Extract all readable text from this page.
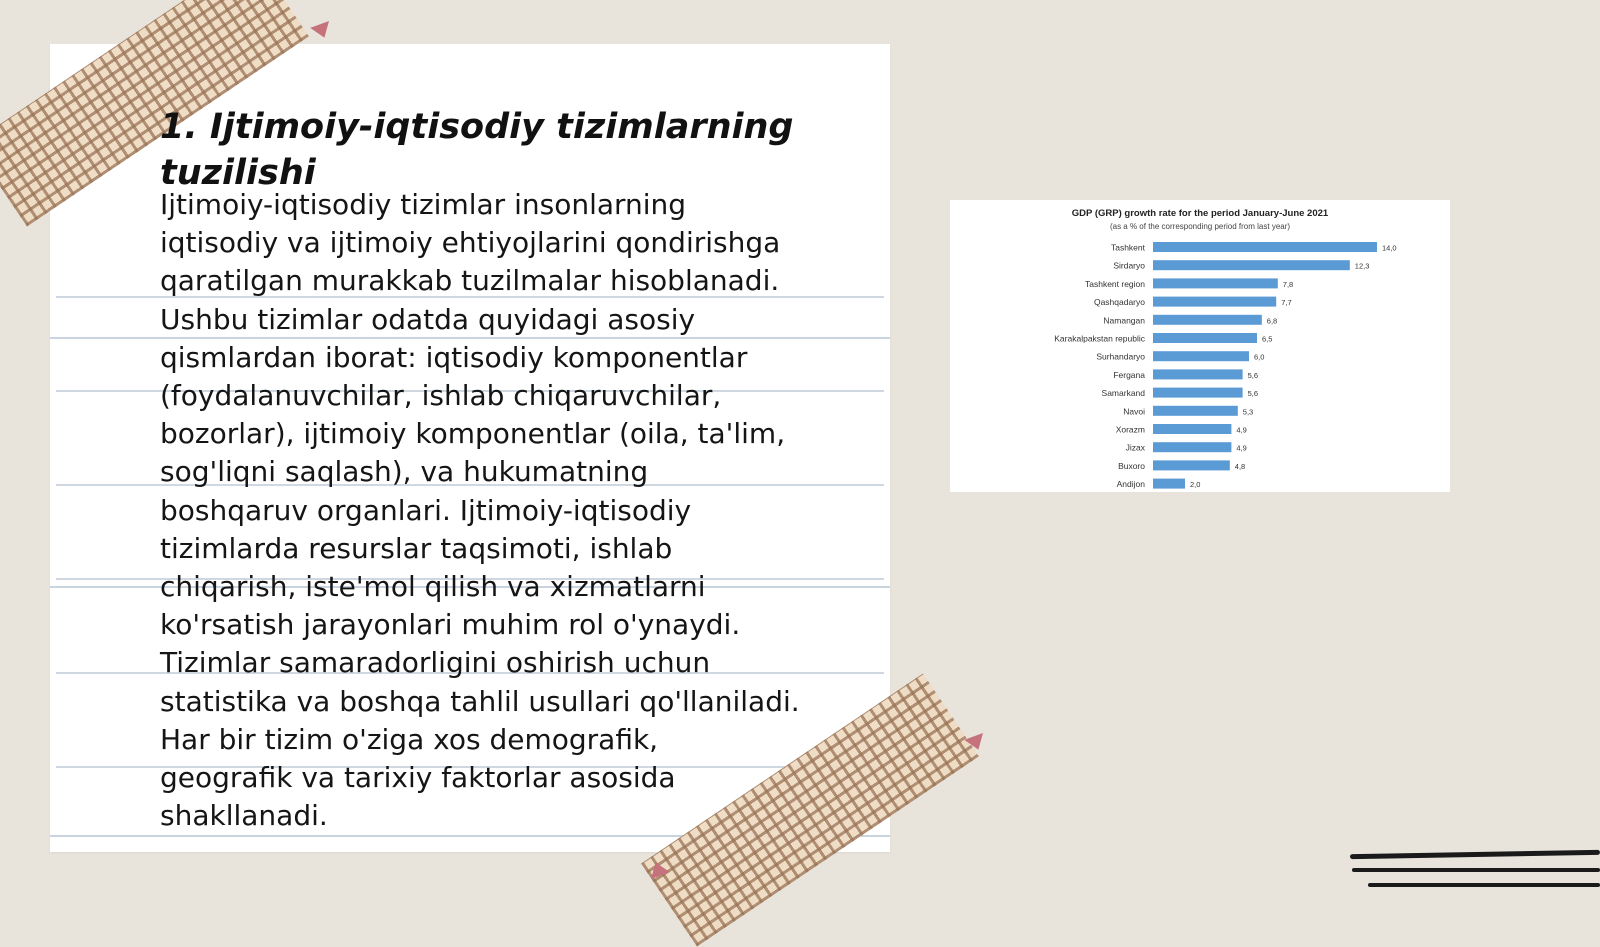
1. Ijtimoiy-iqtisodiy tizimlarning tuzilishi

Ijtimoiy-iqtisodiy tizimlar insonlarning
iqtisodiy va ijtimoiy ehtiyojlarini qondirishga
qaratilgan murakkab tuzilmalar hisoblanadi.
Ushbu tizimlar odatda quyidagi asosiy
qismlardan iborat: iqtisodiy komponentlar
(foydalanuvchilar, ishlab chiqaruvchilar,
bozorlar), ijtimoiy komponentlar (oila, ta'lim,
sog'liqni saqlash), va hukumatning
boshqaruv organlari. Ijtimoiy-iqtisodiy
tizimlarda resurslar taqsimoti, ishlab
chiqarish, iste'mol qilish va xizmatlarni
ko'rsatish jarayonlari muhim rol o'ynaydi.
Tizimlar samaradorligini oshirish uchun
statistika va boshqa tahlil usullari qo'llaniladi.
Har bir tizim o'ziga xos demografik,
geografik va tarixiy faktorlar asosida
shakllanadi.

Tashkent	14,0
Sirdaryo	12,3
Tashkent region	7,8
Qashqadaryo	7,7
Namangan	6,8
Karakalpakstan republic	6,5
Surhandaryo	6,0
Fergana	5,6
Samarkand	5,6
Navoi	5,3
Xorazm	4,9
Jizax	4,9
Buxoro	4,8
Andijon	2,0
GDP (GRP) growth rate for the period January-June 2021
(as a % of the corresponding period from last year)
